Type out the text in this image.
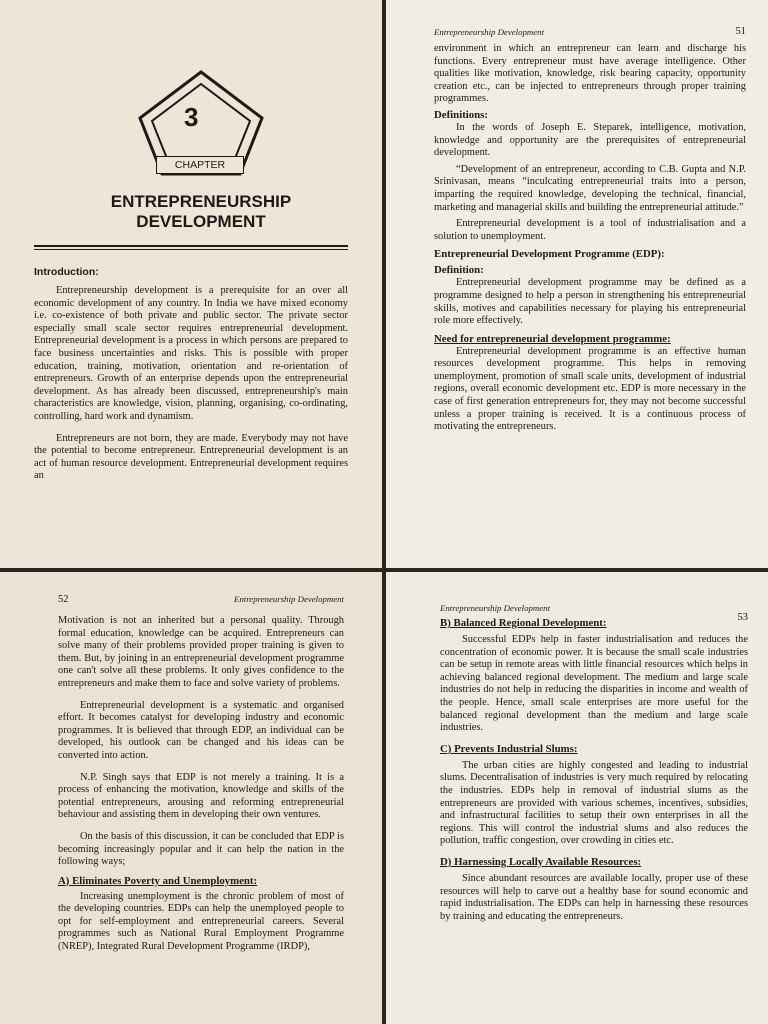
3
CHAPTER
ENTREPRENEURSHIP
DEVELOPMENT
Introduction:

Entrepreneurship development is a prerequisite for an over all economic development of any country. In India we have mixed economy i.e. co-existence of both private and public sector. The private sector especially small scale sector requires entrepreneurial development. Entrepreneurial development is a process in which persons are prepared to face business uncertainties and risks. This is possible with proper education, training, motivation, orientation and re-orientation of entrepreneurs. Growth of an enterprise depends upon the entrepreneurial development. As has already been discussed, entrepreneurship's main characteristics are knowledge, vision, planning, organising, co-ordinating, controlling, hard work and dynamism.

Entrepreneurs are not born, they are made. Everybody may not have the potential to become entrepreneur. Entrepreneurial development is an act of human resource development. Entrepreneurial development requires an

Entrepreneurship Development	51

environment in which an entrepreneur can learn and discharge his functions. Every entrepreneur must have average intelligence. Other qualities like motivation, knowledge, risk bearing capacity, opportunity creation etc., can be injected to entrepreneurs through proper training programmes.

Definitions:

In the words of Joseph E. Steparek, intelligence, motivation, knowledge and opportunity are the prerequisites of entrepreneurial development.

“Development of an entrepreneur, according to C.B. Gupta and N.P. Srinivasan, means “inculcating entrepreneurial traits into a person, imparting the required knowledge, developing the technical, financial, marketing and managerial skills and building the entrepreneurial attitude.”

Entrepreneurial development is a tool of industrialisation and a solution to unemployment.

Entrepreneurial Development Programme (EDP):
Definition:

Entrepreneurial development programme may be defined as a programme designed to help a person in strengthening his entrepreneurial skills, motives and capabilities necessary for playing his entrepreneurial role more effectively.

Need for entrepreneurial development programme:

Entrepreneurial development programme is an effective human resources development programme. This helps in removing unemployment, promotion of small scale units, development of industrial regions, overall economic development etc. EDP is more necessary in the case of first generation entrepreneurs for, they may not become successful unless a proper training is received. It is a continuous process of motivating the entrepreneurs.

52	Entrepreneurship Development

Motivation is not an inherited but a personal quality. Through formal education, knowledge can be acquired. Entrepreneurs can solve many of their problems provided proper training is given to them. But, by joining in an entrepreneurial development programme one can't solve all these problems. It only gives confidence to the entrepreneurs and make them to face and solve variety of problems.

Entrepreneurial development is a systematic and organised effort. It becomes catalyst for developing industry and economic programmes. It is believed that through EDP, an individual can be developed, his outlook can be changed and his ideas can be converted into action.

N.P. Singh says that EDP is not merely a training. It is a process of enhancing the motivation, knowledge and skills of the potential entrepreneurs, arousing and reforming entrepreneurial behaviour and assisting them in developing their own ventures.

On the basis of this discussion, it can be concluded that EDP is becoming increasingly popular and it can help the nation in the following ways;

A) Eliminates Poverty and Unemployment:

Increasing unemployment is the chronic problem of most of the developing countries. EDPs can help the unemployed people to opt for self-employment and entrepreneurial careers. Several programmes such as National Rural Employment Programme (NREP), Integrated Rural Development Programme (IRDP),

Entrepreneurship Development
53
B) Balanced Regional Development:

Successful EDPs help in faster industrialisation and reduces the concentration of economic power. It is because the small scale industries can be setup in remote areas with little financial resources which helps in achieving balanced regional development. The medium and large scale industries do not help in reducing the disparities in income and wealth of the people. Hence, small scale enterprises are more useful for the balanced regional development than the medium and large scale industries.

C) Prevents Industrial Slums:

The urban cities are highly congested and leading to industrial slums. Decentralisation of industries is very much required by relocating the industries. EDPs help in removal of industrial slums as the entrepreneurs are provided with various schemes, incentives, subsidies, and infrastructural facilities to setup their own enterprises in all the regions. This will control the industrial slums and also reduces the pollution, traffic congestion, over crowding in cities etc.

D) Harnessing Locally Available Resources:

Since abundant resources are available locally, proper use of these resources will help to carve out a healthy base for sound economic and rapid industrialisation. The EDPs can help in harnessing these resources by training and educating the entrepreneurs.
